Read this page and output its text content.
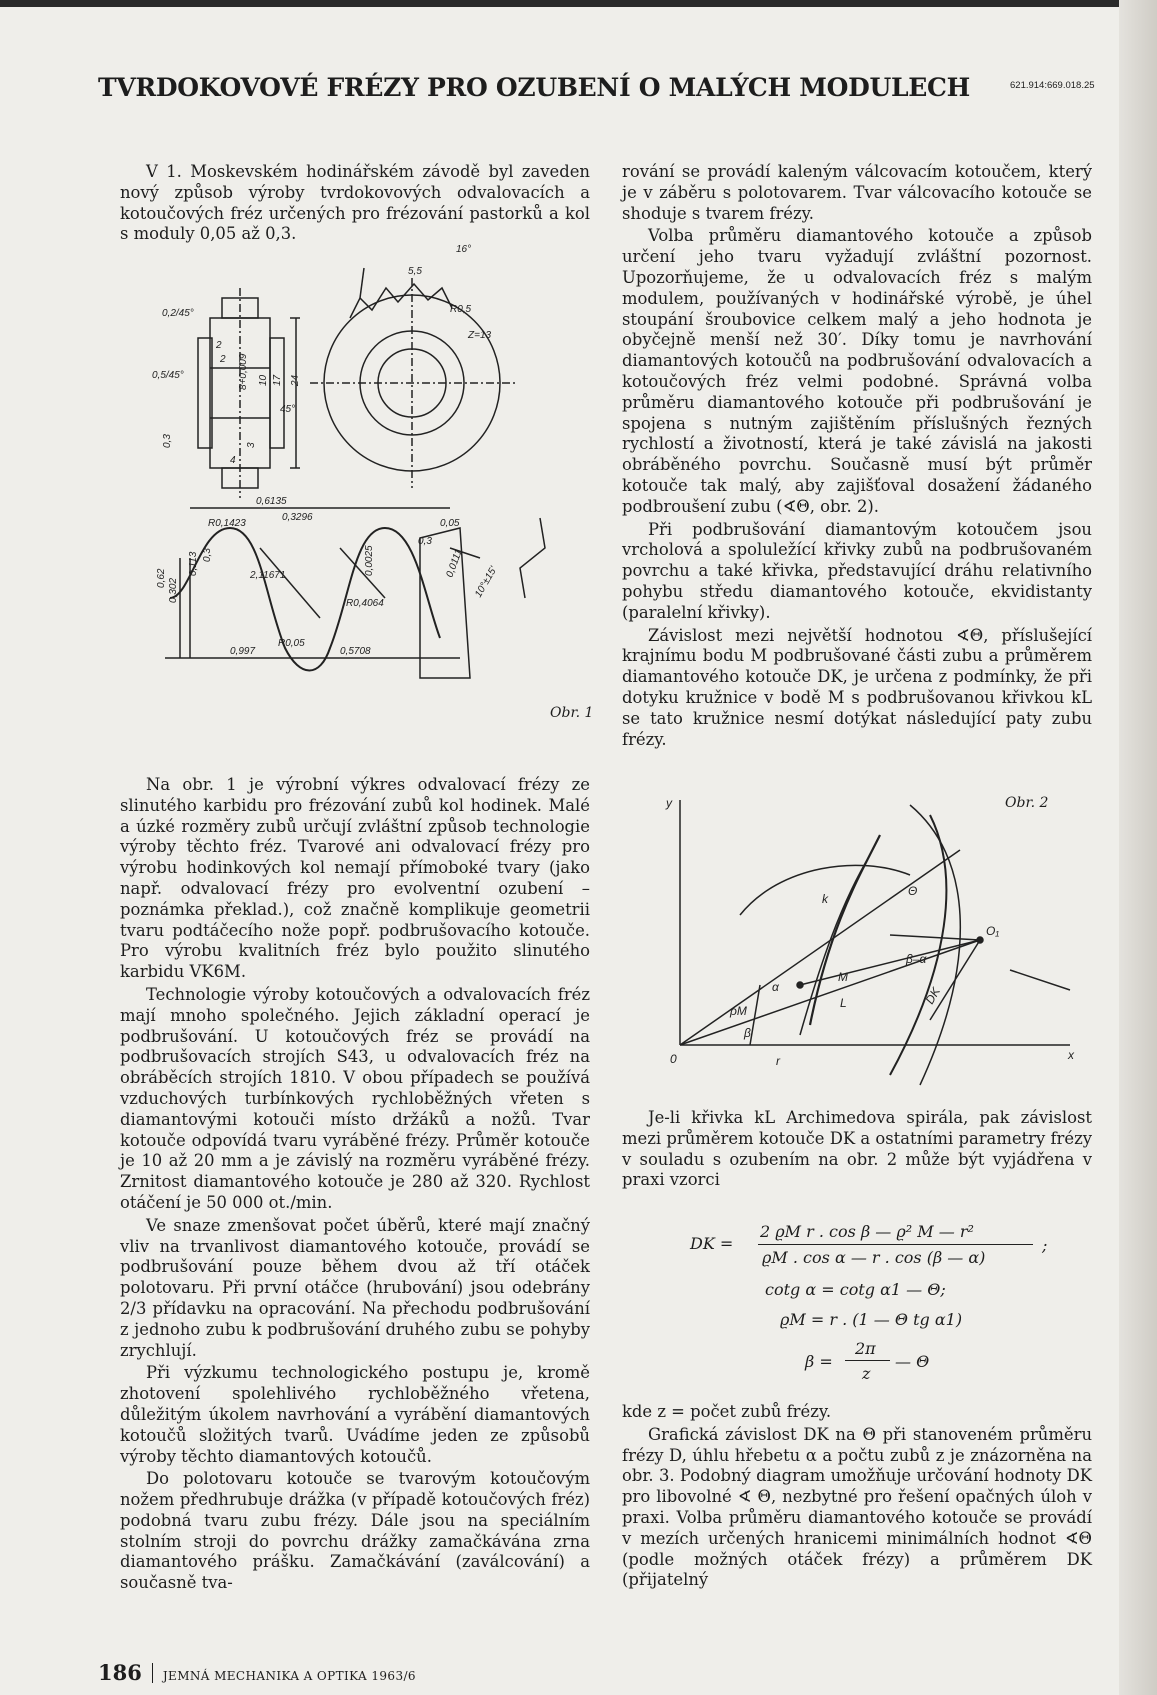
TVRDOKOVOVÉ FRÉZY PRO OZUBENÍ O MALÝCH MODULECH	621.914:669.018.25

V 1. Moskevském hodinářském závodě byl zaveden nový způsob výroby tvrdokovových odvalovacích a kotoučových fréz určených pro frézování pastorků a kol s moduly 0,05 až 0,3.

0,2/45°
0,5/45°
0,3
4
2
2
3
8+0,009 10 17 24
5,5
16°
R0,5
Z=13
0,6135
0,3296
R0,1423
2,11671
R0,4064
0,0025
0,62 0,302
0,113 0,3
R0,05
0,997	0,5708
0,05
0,3
0,0111
10°±15'
45°
Obr. 1

Na obr. 1 je výrobní výkres odvalovací frézy ze slinutého karbidu pro frézování zubů kol hodinek. Malé a úzké rozměry zubů určují zvláštní způsob technologie výroby těchto fréz. Tvarové ani odvalovací frézy pro výrobu hodinkových kol nemají přímoboké tvary (jako např. odvalovací frézy pro evolventní ozubení – poznámka překlad.), což značně komplikuje geometrii tvaru podtáčecího nože popř. podbrušovacího kotouče. Pro výrobu kvalitních fréz bylo použito slinutého karbidu VK6M.

Technologie výroby kotoučových a odvalovacích fréz mají mnoho společného. Jejich základní operací je podbrušování. U kotoučových fréz se provádí na podbrušovacích strojích S43, u odvalovacích fréz na obráběcích strojích 1810. V obou případech se používá vzduchových turbínkových rychloběžných vřeten s diamantovými kotouči místo držáků a nožů. Tvar kotouče odpovídá tvaru vyráběné frézy. Průměr kotouče je 10 až 20 mm a je závislý na rozměru vyráběné frézy. Zrnitost diamantového kotouče je 280 až 320. Rychlost otáčení je 50 000 ot./min.

Ve snaze zmenšovat počet úběrů, které mají značný vliv na trvanlivost diamantového kotouče, provádí se podbrušování pouze během dvou až tří otáček polotovaru. Při první otáčce (hrubování) jsou odebrány 2/3 přídavku na opracování. Na přechodu podbrušování z jednoho zubu k podbrušování druhého zubu se pohyby zrychlují.

Při výzkumu technologického postupu je, kromě zhotovení spolehlivého rychloběžného vřetena, důležitým úkolem navrhování a vyrábění diamantových kotoučů složitých tvarů. Uvádíme jeden ze způsobů výroby těchto diamantových kotoučů.

Do polotovaru kotouče se tvarovým kotoučovým nožem předhrubuje drážka (v případě kotoučových fréz) podobná tvaru zubu frézy. Dále jsou na speciálním stolním stroji do povrchu drážky zamačkávána zrna diamantového prášku. Zamačkávání (zaválcování) a současně tva-

rování se provádí kaleným válcovacím kotoučem, který je v záběru s polotovarem. Tvar válcovacího kotouče se shoduje s tvarem frézy.

Volba průměru diamantového kotouče a způsob určení jeho tvaru vyžadují zvláštní pozornost. Upozorňujeme, že u odvalovacích fréz s malým modulem, používaných v hodinářské výrobě, je úhel stoupání šroubovice celkem malý a jeho hodnota je obyčejně menší než 30′. Díky tomu je navrhování diamantových kotoučů na podbrušování odvalovacích a kotoučových fréz velmi podobné. Správná volba průměru diamantového kotouče při podbrušování je spojena s nutným zajištěním příslušných řezných rychlostí a životností, která je také závislá na jakosti obráběného povrchu. Současně musí být průměr kotouče tak malý, aby zajišťoval dosažení žádaného podbroušení zubu (∢Θ, obr. 2).

Při podbrušování diamantovým kotoučem jsou vrcholová a spoluležící křivky zubů na podbrušovaném povrchu a také křivka, představující dráhu relativního pohybu středu diamantového kotouče, ekvidistanty (paralelní křivky).

Závislost mezi největší hodnotou ∢Θ, příslušející krajnímu bodu M podbrušované části zubu a průměrem diamantového kotouče DK, je určena z podmínky, že při dotyku kružnice v bodě M s podbrušovanou křivkou kL se tato kružnice nesmí dotýkat následující paty zubu frézy.

y
x
0
O₁
r
k
Θ
M
β–α
α
L
ρM
β
DK
Obr. 2

Je-li křivka kL Archimedova spirála, pak závislost mezi průměrem kotouče DK a ostatními parametry frézy v souladu s ozubením na obr. 2 může být vyjádřena v praxi vzorci

DK =
2 ϱM r . cos β — ϱ² M — r²
ϱM . cos α — r . cos (β — α)
;
cotg α = cotg α1 — Θ;
ϱM = r . (1 — Θ tg α1)
β =
2π
z
— Θ

kde z = počet zubů frézy.

Grafická závislost DK na Θ při stanoveném průměru frézy D, úhlu hřebetu α a počtu zubů z je znázorněna na obr. 3. Podobný diagram umožňuje určování hodnoty DK pro libovolné ∢ Θ, nezbytné pro řešení opačných úloh v praxi. Volba průměru diamantového kotouče se provádí v mezích určených hranicemi minimálních hodnot ∢Θ (podle možných otáček frézy) a průměrem DK (přijatelný

186 JEMNÁ MECHANIKA A OPTIKA 1963/6
